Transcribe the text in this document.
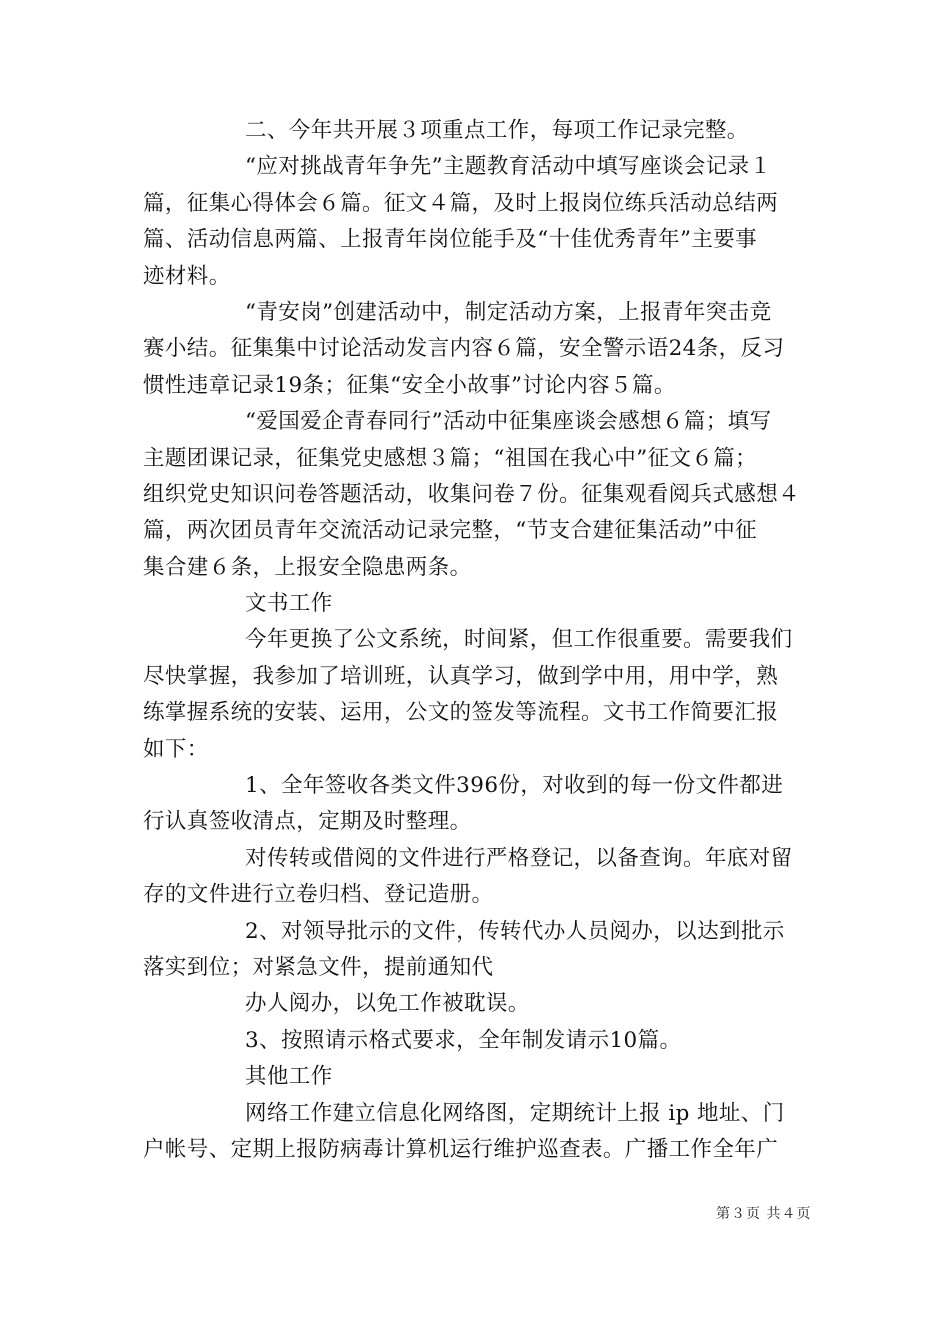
二、今年共开展３项重点工作，每项工作记录完整。
“应对挑战青年争先”主题教育活动中填写座谈会记录１
篇，征集心得体会６篇。征文４篇，及时上报岗位练兵活动总结两
篇、活动信息两篇、上报青年岗位能手及“十佳优秀青年”主要事
迹材料。
“青安岗”创建活动中，制定活动方案，上报青年突击竞
赛小结。征集集中讨论活动发言内容６篇，安全警示语24条，反习
惯性违章记录19条；征集“安全小故事”讨论内容５篇。
“爱国爱企青春同行”活动中征集座谈会感想６篇；填写
主题团课记录，征集党史感想３篇；“祖国在我心中”征文６篇；
组织党史知识问卷答题活动，收集问卷７份。征集观看阅兵式感想４
篇，两次团员青年交流活动记录完整，“节支合建征集活动”中征
集合建６条，上报安全隐患两条。
文书工作
今年更换了公文系统，时间紧，但工作很重要。需要我们
尽快掌握，我参加了培训班，认真学习，做到学中用，用中学，熟
练掌握系统的安装、运用，公文的签发等流程。文书工作简要汇报
如下：
1、全年签收各类文件396份，对收到的每一份文件都进
行认真签收清点，定期及时整理。
对传转或借阅的文件进行严格登记，以备查询。年底对留
存的文件进行立卷归档、登记造册。
2、对领导批示的文件，传转代办人员阅办，以达到批示
落实到位；对紧急文件，提前通知代
办人阅办，以免工作被耽误。
3、按照请示格式要求，全年制发请示10篇。
其他工作
网络工作建立信息化网络图，定期统计上报 ip 地址、门
户帐号、定期上报防病毒计算机运行维护巡查表。广播工作全年广
第３页 共４页
